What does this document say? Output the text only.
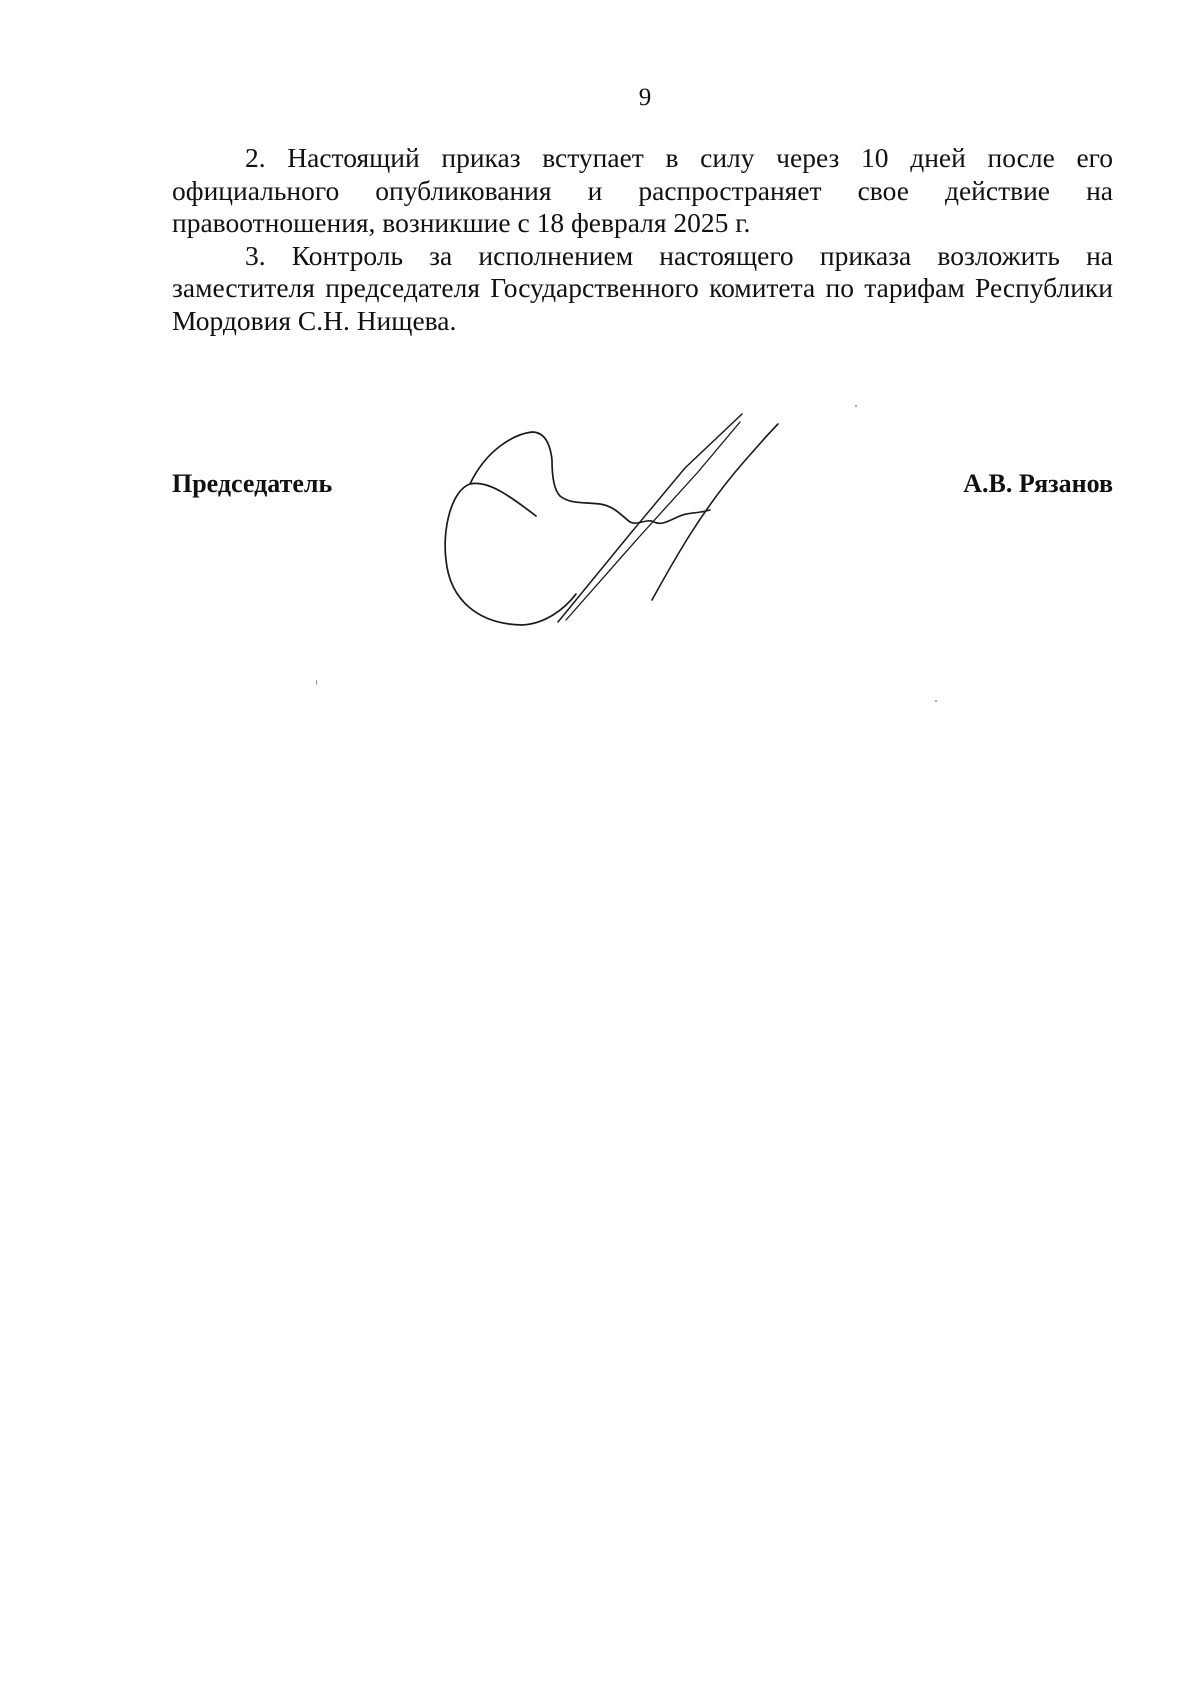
9

2. Настоящий приказ вступает в силу через 10 дней после его официального опубликования и распространяет свое действие на правоотношения, возникшие с 18 февраля 2025 г.

3. Контроль за исполнением настоящего приказа возложить на заместителя председателя Государственного комитета по тарифам Республики Мордовия С.Н. Нищева.

Председатель	А.В. Рязанов
